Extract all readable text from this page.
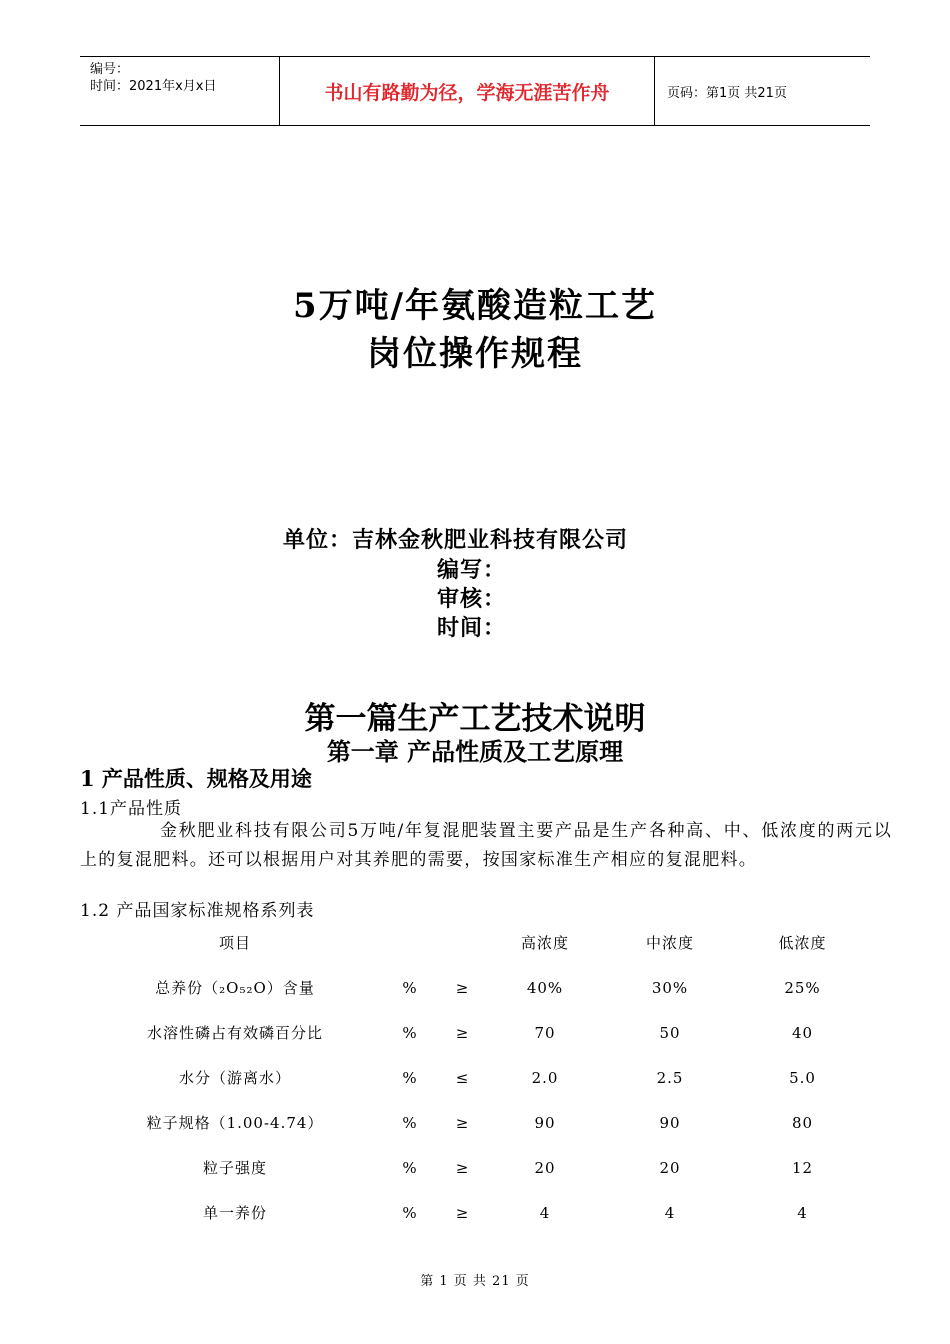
编号：
时间：2021年x月x日	书山有路勤为径，学海无涯苦作舟	页码：第1页 共21页
5万吨/年氨酸造粒工艺
岗位操作规程
单位：吉林金秋肥业科技有限公司
编写：
审核：
时间：
第一篇生产工艺技术说明
第一章 产品性质及工艺原理
1 产品性质、规格及用途
1.1产品性质
金秋肥业科技有限公司5万吨/年复混肥装置主要产品是生产各种高、中、低浓度的两元以上的复混肥料。还可以根据用户对其养肥的需要，按国家标准生产相应的复混肥料。
1.2 产品国家标准规格系列表
项目			高浓度	中浓度	低浓度
总养份（₂O₅₂O）含量	%	≥	40%	30%	25%
水溶性磷占有效磷百分比	%	≥	70	50	40
水分（游离水）	%	≤	2.0	2.5	5.0
粒子规格（1.00-4.74）	%	≥	90	90	80
粒子强度	%	≥	20	20	12
单一养份	%	≥	4	4	4
第 1 页 共 21 页
